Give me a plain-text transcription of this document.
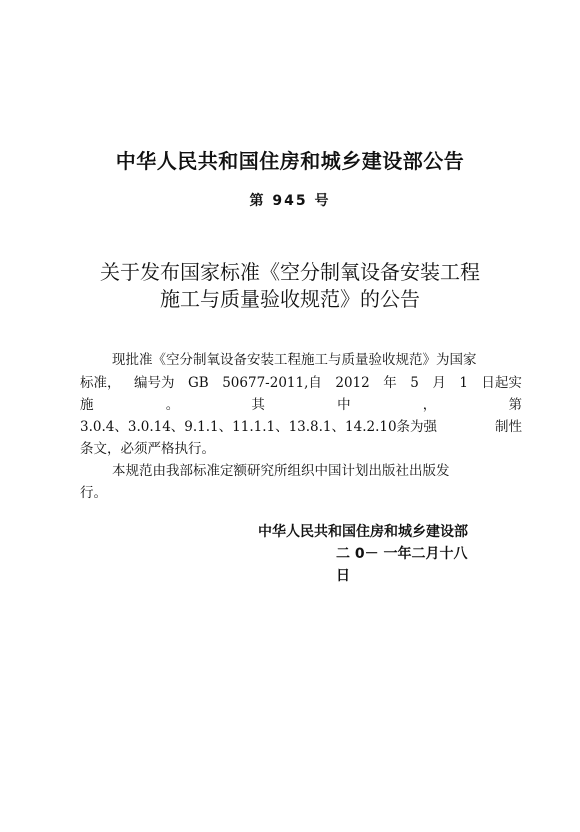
中华人民共和国住房和城乡建设部公告
第 945 号
关于发布国家标准《空分制氧设备安装工程
施工与质量验收规范》的公告
现批准《空分制氧设备安装工程施工与质量验收规范》为国家
标准， 编号为 GB 50677-2011,自 2012 年 5 月 1 日起实
施	。	其	中	，	第
3.0.4、3.0.14、9.1.1、11.1.1、13.8.1、14.2.10条为强	制性
条文，必须严格执行。
本规范由我部标准定额研究所组织中国计划出版社出版发
行。
中华人民共和国住房和城乡建设部
二 0－ 一年二月十八
日
